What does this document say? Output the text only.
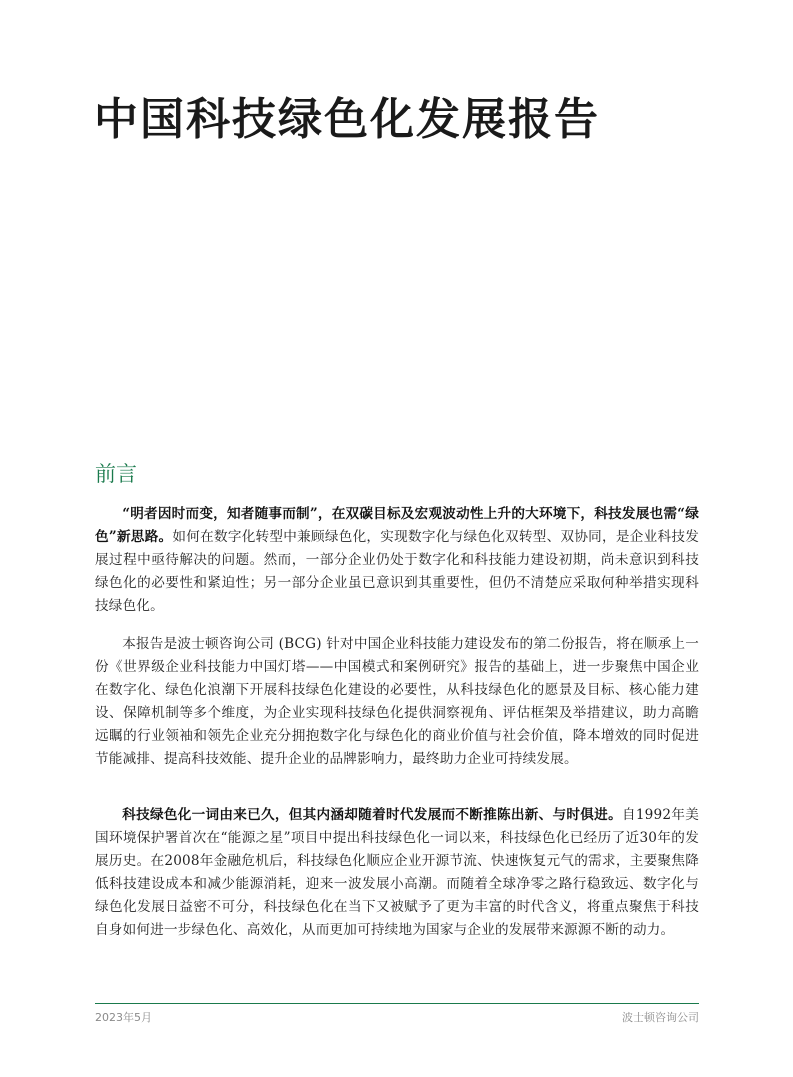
中国科技绿色化发展报告
前言

“明者因时而变，知者随事而制”，在双碳目标及宏观波动性上升的大环境下，科技发展也需“绿色”新思路。如何在数字化转型中兼顾绿色化，实现数字化与绿色化双转型、双协同，是企业科技发展过程中亟待解决的问题。然而，一部分企业仍处于数字化和科技能力建设初期，尚未意识到科技绿色化的必要性和紧迫性；另一部分企业虽已意识到其重要性，但仍不清楚应采取何种举措实现科技绿色化。

本报告是波士顿咨询公司 (BCG) 针对中国企业科技能力建设发布的第二份报告，将在顺承上一份《世界级企业科技能力中国灯塔——中国模式和案例研究》报告的基础上，进一步聚焦中国企业在数字化、绿色化浪潮下开展科技绿色化建设的必要性，从科技绿色化的愿景及目标、核心能力建设、保障机制等多个维度，为企业实现科技绿色化提供洞察视角、评估框架及举措建议，助力高瞻远瞩的行业领袖和领先企业充分拥抱数字化与绿色化的商业价值与社会价值，降本增效的同时促进节能减排、提高科技效能、提升企业的品牌影响力，最终助力企业可持续发展。

科技绿色化一词由来已久，但其内涵却随着时代发展而不断推陈出新、与时俱进。自1992年美国环境保护署首次在“能源之星”项目中提出科技绿色化一词以来，科技绿色化已经历了近30年的发展历史。在2008年金融危机后，科技绿色化顺应企业开源节流、快速恢复元气的需求，主要聚焦降低科技建设成本和减少能源消耗，迎来一波发展小高潮。而随着全球净零之路行稳致远、数字化与绿色化发展日益密不可分，科技绿色化在当下又被赋予了更为丰富的时代含义，将重点聚焦于科技自身如何进一步绿色化、高效化，从而更加可持续地为国家与企业的发展带来源源不断的动力。

2023年5月	波士顿咨询公司
